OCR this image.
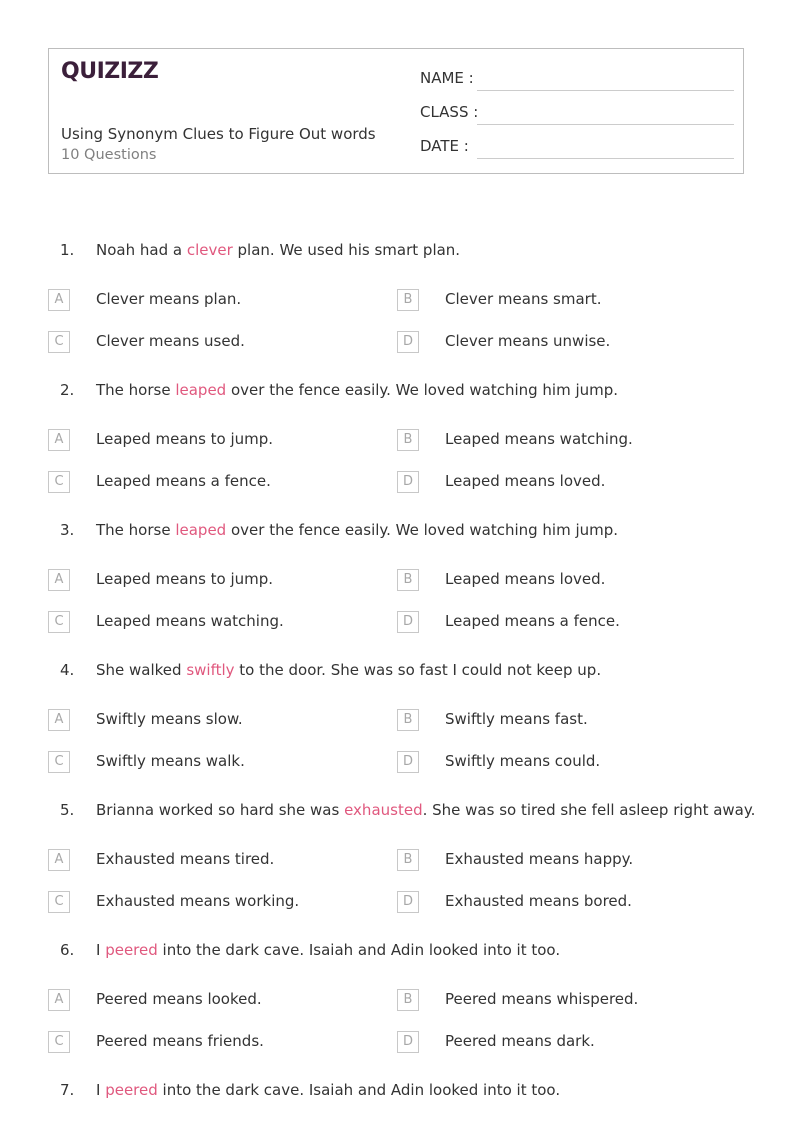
QUIZIZZ
Using Synonym Clues to Figure Out words
10 Questions
NAME :
CLASS :
DATE :
1. Noah had a clever plan. We used his smart plan.
A	Clever means plan.	B	Clever means smart.
C	Clever means used.	D	Clever means unwise.
2. The horse leaped over the fence easily. We loved watching him jump.
A	Leaped means to jump.	B	Leaped means watching.
C	Leaped means a fence.	D	Leaped means loved.
3. The horse leaped over the fence easily. We loved watching him jump.
A	Leaped means to jump.	B	Leaped means loved.
C	Leaped means watching.	D	Leaped means a fence.
4. She walked swiftly to the door. She was so fast I could not keep up.
A	Swiftly means slow.	B	Swiftly means fast.
C	Swiftly means walk.	D	Swiftly means could.
5. Brianna worked so hard she was exhausted. She was so tired she fell asleep right away.
A	Exhausted means tired.	B	Exhausted means happy.
C	Exhausted means working.	D	Exhausted means bored.
6. I peered into the dark cave. Isaiah and Adin looked into it too.
A	Peered means looked.	B	Peered means whispered.
C	Peered means friends.	D	Peered means dark.
7. I peered into the dark cave. Isaiah and Adin looked into it too.
